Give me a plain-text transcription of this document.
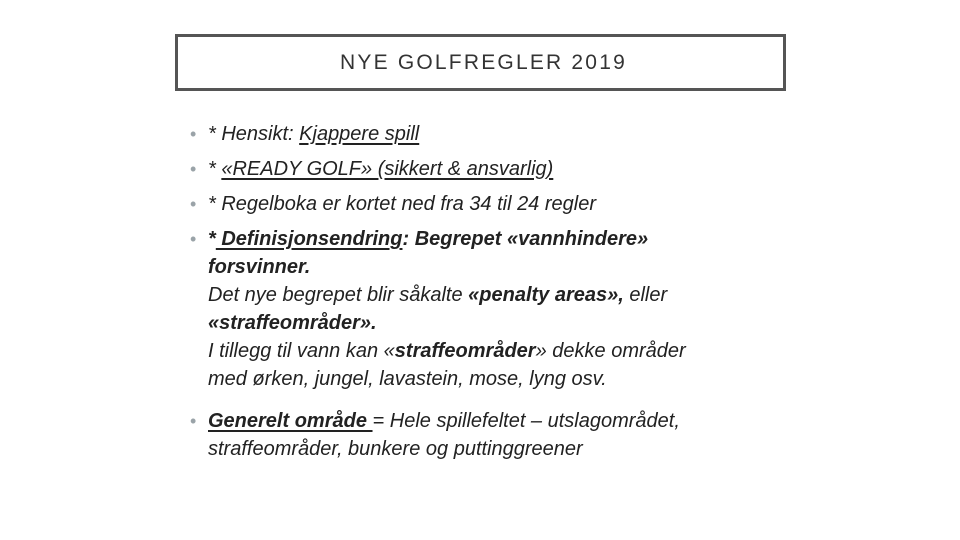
NYE GOLFREGLER 2019
• * Hensikt: Kjappere spill
• * «READY GOLF» (sikkert & ansvarlig)
• * Regelboka er kortet ned fra 34 til 24 regler
• * Definisjonsendring: Begrepet «vannhindere»
forsvinner.
Det nye begrepet blir såkalte «penalty areas», eller
«straffeområder».
I tillegg til vann kan «straffeområder» dekke områder
med ørken, jungel, lavastein, mose, lyng osv.
• Generelt område = Hele spillefeltet – utslagområdet,
straffeområder, bunkere og puttinggreener
